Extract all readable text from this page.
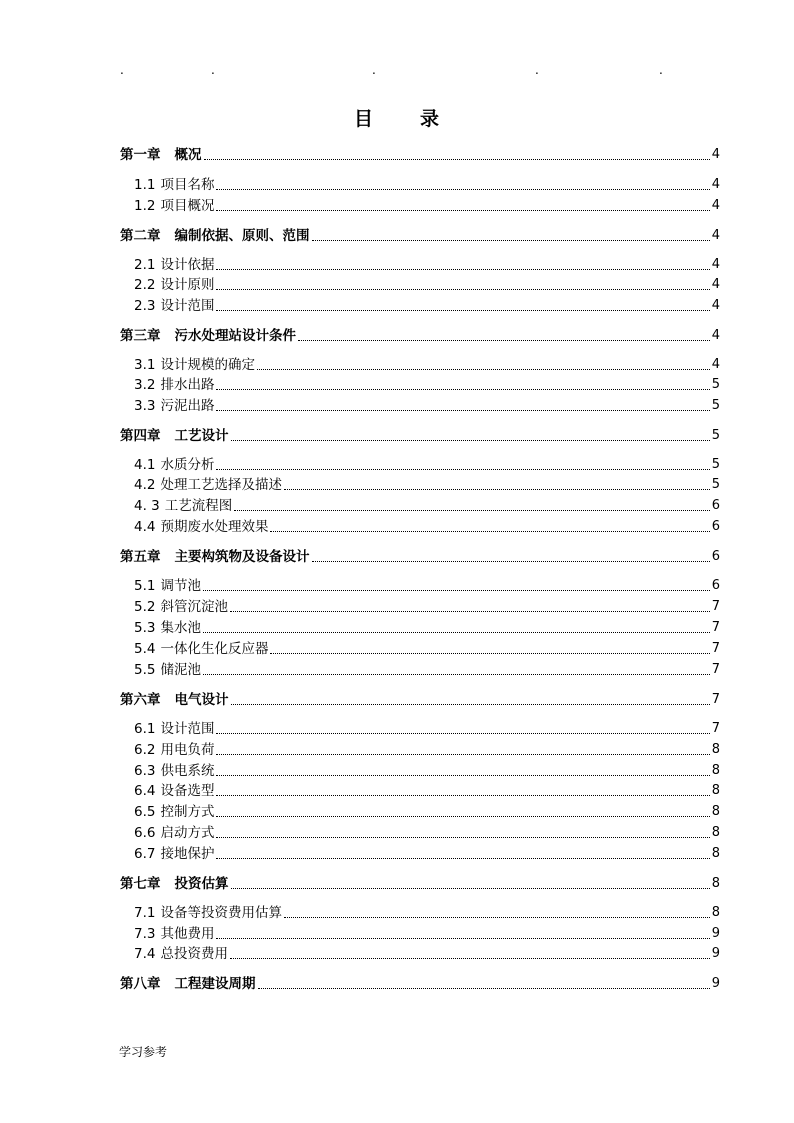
.	.	.	.	.
目 录
第一章 概况	4
1.1 项目名称	4
1.2 项目概况	4
第二章 编制依据、原则、范围	4
2.1 设计依据	4
2.2 设计原则	4
2.3 设计范围	4
第三章 污水处理站设计条件	4
3.1 设计规模的确定	4
3.2 排水出路	5
3.3 污泥出路	5
第四章 工艺设计	5
4.1 水质分析	5
4.2 处理工艺选择及描述	5
4. 3 工艺流程图	6
4.4 预期废水处理效果	6
第五章 主要构筑物及设备设计	6
5.1 调节池	6
5.2 斜管沉淀池	7
5.3 集水池	7
5.4 一体化生化反应器	7
5.5 储泥池	7
第六章 电气设计	7
6.1 设计范围	7
6.2 用电负荷	8
6.3 供电系统	8
6.4 设备选型	8
6.5 控制方式	8
6.6 启动方式	8
6.7 接地保护	8
第七章 投资估算	8
7.1 设备等投资费用估算	8
7.3 其他费用	9
7.4 总投资费用	9
第八章 工程建设周期	9
学习参考
